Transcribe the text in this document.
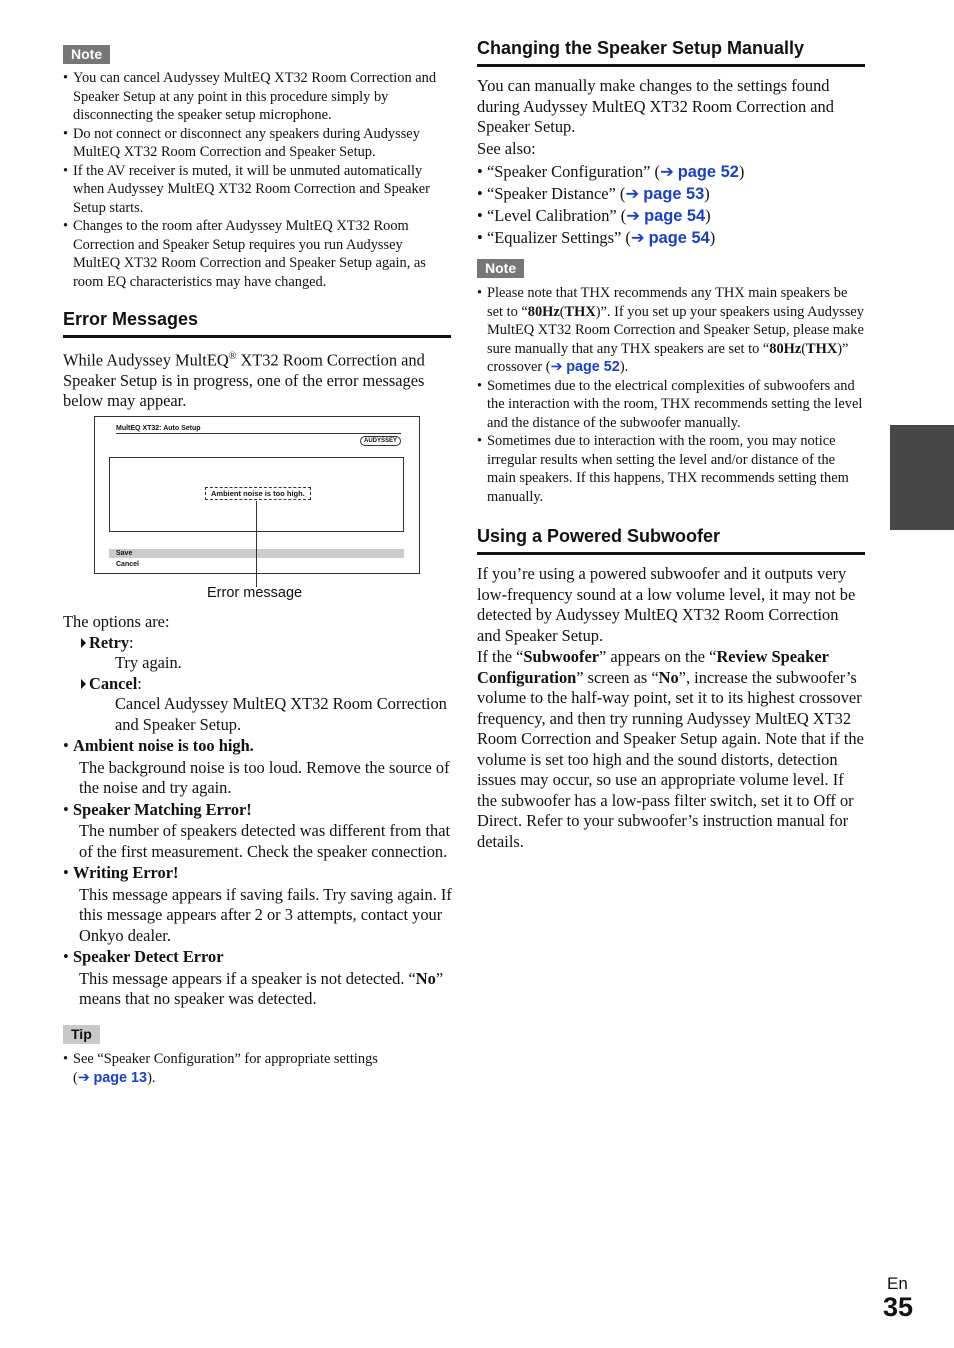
Note
• You can cancel Audyssey MultEQ XT32 Room Correction and Speaker Setup at any point in this procedure simply by disconnecting the speaker setup microphone.
• Do not connect or disconnect any speakers during Audyssey MultEQ XT32 Room Correction and Speaker Setup.
• If the AV receiver is muted, it will be unmuted automatically when Audyssey MultEQ XT32 Room Correction and Speaker Setup starts.
• Changes to the room after Audyssey MultEQ XT32 Room Correction and Speaker Setup requires you run Audyssey MultEQ XT32 Room Correction and Speaker Setup again, as room EQ characteristics may have changed.
Error Messages
While Audyssey MultEQ® XT32 Room Correction and Speaker Setup is in progress, one of the error messages below may appear.
MultEQ XT32: Auto Setup
AUDYSSEY
Ambient noise is too high.
Save
Cancel
Error message

The options are:

Retry:
Try again.
Cancel:
Cancel Audyssey MultEQ XT32 Room Correction and Speaker Setup.
• Ambient noise is too high.
The background noise is too loud. Remove the source of the noise and try again.
• Speaker Matching Error!
The number of speakers detected was different from that of the first measurement. Check the speaker connection.
• Writing Error!
This message appears if saving fails. Try saving again. If this message appears after 2 or 3 attempts, contact your Onkyo dealer.
• Speaker Detect Error
This message appears if a speaker is not detected. “No” means that no speaker was detected.
Tip
• See “Speaker Configuration” for appropriate settings
(➔ page 13).
Changing the Speaker Setup Manually

You can manually make changes to the settings found during Audyssey MultEQ XT32 Room Correction and Speaker Setup.

See also:

• “Speaker Configuration” (➔ page 52)
• “Speaker Distance” (➔ page 53)
• “Level Calibration” (➔ page 54)
• “Equalizer Settings” (➔ page 54)
Note
• Please note that THX recommends any THX main speakers be set to “80Hz(THX)”. If you set up your speakers using Audyssey MultEQ XT32 Room Correction and Speaker Setup, please make sure manually that any THX speakers are set to “80Hz(THX)” crossover (➔ page 52).
• Sometimes due to the electrical complexities of subwoofers and the interaction with the room, THX recommends setting the level and the distance of the subwoofer manually.
• Sometimes due to interaction with the room, you may notice irregular results when setting the level and/or distance of the main speakers. If this happens, THX recommends setting them manually.
Using a Powered Subwoofer

If you’re using a powered subwoofer and it outputs very low-frequency sound at a low volume level, it may not be detected by Audyssey MultEQ XT32 Room Correction and Speaker Setup.

If the “Subwoofer” appears on the “Review Speaker Configuration” screen as “No”, increase the subwoofer’s volume to the half-way point, set it to its highest crossover frequency, and then try running Audyssey MultEQ XT32 Room Correction and Speaker Setup again. Note that if the volume is set too high and the sound distorts, detection issues may occur, so use an appropriate volume level. If the subwoofer has a low-pass filter switch, set it to Off or Direct. Refer to your subwoofer’s instruction manual for details.

En
35
